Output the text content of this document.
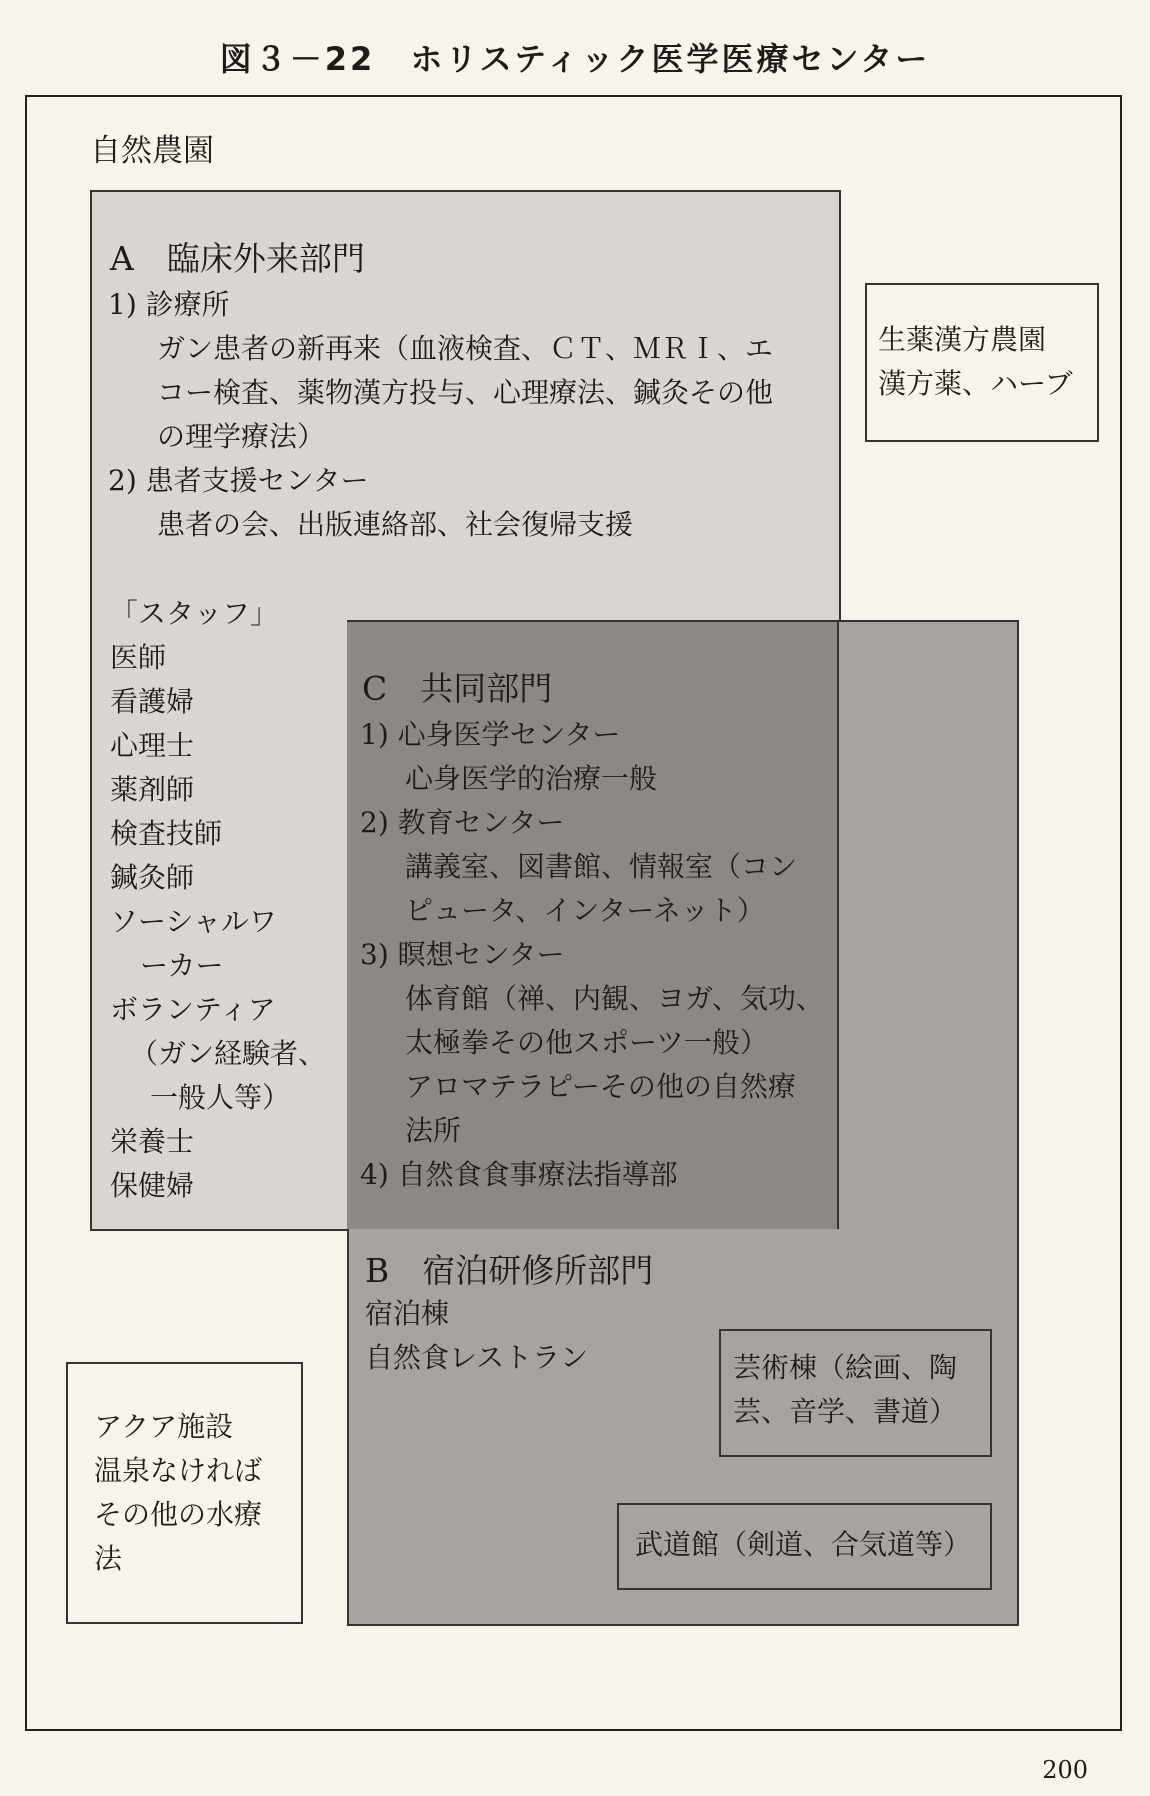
図３－22　ホリスティック医学医療センター
自然農園
A　臨床外来部門
1) 診療所
ガン患者の新再来（血液検査、ＣＴ、ＭＲＩ、エ
コー検査、薬物漢方投与、心理療法、鍼灸その他
の理学療法）
2) 患者支援センター
患者の会、出版連絡部、社会復帰支援
「スタッフ」
医師
看護婦
心理士
薬剤師
検査技師
鍼灸師
ソーシャルワ
ーカー
ボランティア
（ガン経験者、
一般人等）
栄養士
保健婦
C　共同部門
1) 心身医学センター
心身医学的治療一般
2) 教育センター
講義室、図書館、情報室（コン
ピュータ、インターネット）
3) 瞑想センター
体育館（禅、内観、ヨガ、気功、
太極拳その他スポーツ一般）
アロマテラピーその他の自然療
法所
4) 自然食食事療法指導部
B　宿泊研修所部門
宿泊棟
自然食レストラン
生薬漢方農園
漢方薬、ハーブ
アクア施設
温泉なければ
その他の水療
法
芸術棟（絵画、陶
芸、音学、書道）
武道館（剣道、合気道等）
200
